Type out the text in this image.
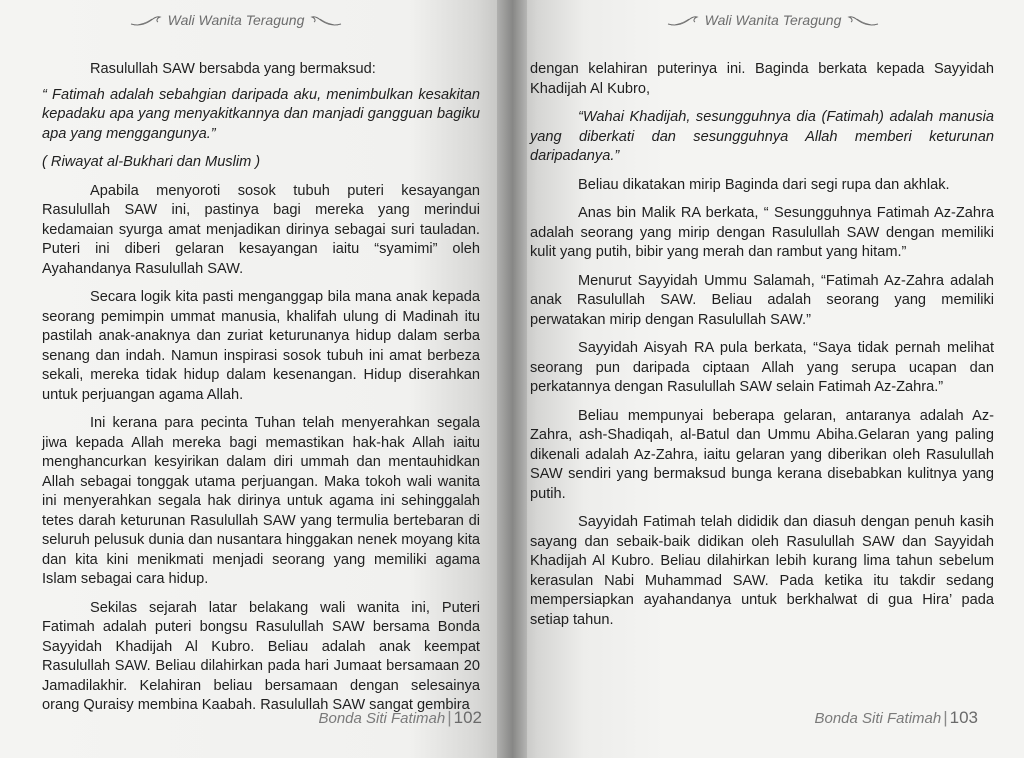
Wali Wanita Teragung

Rasulullah SAW bersabda yang bermaksud:

“ Fatimah adalah sebahgian daripada aku, menimbulkan kesakitan kepadaku apa yang menyakitkannya dan manjadi gangguan bagiku apa yang menggangunya.”

( Riwayat al-Bukhari dan Muslim )

Apabila menyoroti sosok tubuh puteri kesayangan Rasulullah SAW ini, pastinya bagi mereka yang merindui kedamaian syurga amat menjadikan dirinya sebagai suri tauladan. Puteri ini diberi gelaran kesayangan iaitu “syamimi” oleh Ayahandanya Rasulullah SAW.

Secara logik kita pasti menganggap bila mana anak kepada seorang pemimpin ummat manusia, khalifah ulung di Madinah itu pastilah anak-anaknya dan zuriat keturunanya hidup dalam serba senang dan indah. Namun inspirasi sosok tubuh ini amat berbeza sekali, mereka tidak hidup dalam kesenangan. Hidup diserahkan untuk perjuangan agama Allah.

Ini kerana para pecinta Tuhan telah menyerahkan segala jiwa kepada Allah mereka bagi memastikan hak-hak Allah iaitu menghancurkan kesyirikan dalam diri ummah dan mentauhidkan Allah sebagai tonggak utama perjuangan. Maka tokoh wali wanita ini menyerahkan segala hak dirinya untuk agama ini sehinggalah tetes darah keturunan Rasulullah SAW yang termulia bertebaran di seluruh pelusuk dunia dan nusantara hinggakan nenek moyang kita dan kita kini menikmati menjadi seorang yang memiliki agama Islam sebagai cara hidup.

Sekilas sejarah latar belakang wali wanita ini, Puteri Fatimah adalah puteri bongsu Rasulullah SAW bersama Bonda Sayyidah Khadijah Al Kubro. Beliau adalah anak keempat Rasulullah SAW. Beliau dilahirkan pada hari Jumaat bersamaan 20 Jamadilakhir. Kelahiran beliau bersamaan dengan selesainya orang Quraisy membina Kaabah. Rasulullah SAW sangat gembira

Bonda Siti Fatimah | 102
Wali Wanita Teragung

dengan kelahiran puterinya ini. Baginda berkata kepada Sayyidah Khadijah Al Kubro,

“Wahai Khadijah, sesungguhnya dia (Fatimah) adalah manusia yang diberkati dan sesungguhnya Allah memberi keturunan daripadanya.”

Beliau dikatakan mirip Baginda dari segi rupa dan akhlak.

Anas bin Malik RA berkata, “ Sesungguhnya Fatimah Az-Zahra adalah seorang yang mirip dengan Rasulullah SAW dengan memiliki kulit yang putih, bibir yang merah dan rambut yang hitam.”

Menurut Sayyidah Ummu Salamah, “Fatimah Az-Zahra adalah anak Rasulullah SAW. Beliau adalah seorang yang memiliki perwatakan mirip dengan Rasulullah SAW.”

Sayyidah Aisyah RA pula berkata, “Saya tidak pernah melihat seorang pun daripada ciptaan Allah yang serupa ucapan dan perkatannya dengan Rasulullah SAW selain Fatimah Az-Zahra.”

Beliau mempunyai beberapa gelaran, antaranya adalah Az-Zahra, ash-Shadiqah, al-Batul dan Ummu Abiha.Gelaran yang paling dikenali adalah Az-Zahra, iaitu gelaran yang diberikan oleh Rasulullah SAW sendiri yang bermaksud bunga kerana disebabkan kulitnya yang putih.

Sayyidah Fatimah telah dididik dan diasuh dengan penuh kasih sayang dan sebaik-baik didikan oleh Rasulullah SAW dan Sayyidah Khadijah Al Kubro. Beliau dilahirkan lebih kurang lima tahun sebelum kerasulan Nabi Muhammad SAW. Pada ketika itu takdir sedang mempersiapkan ayahandanya untuk berkhalwat di gua Hira’ pada setiap tahun.

Bonda Siti Fatimah | 103
